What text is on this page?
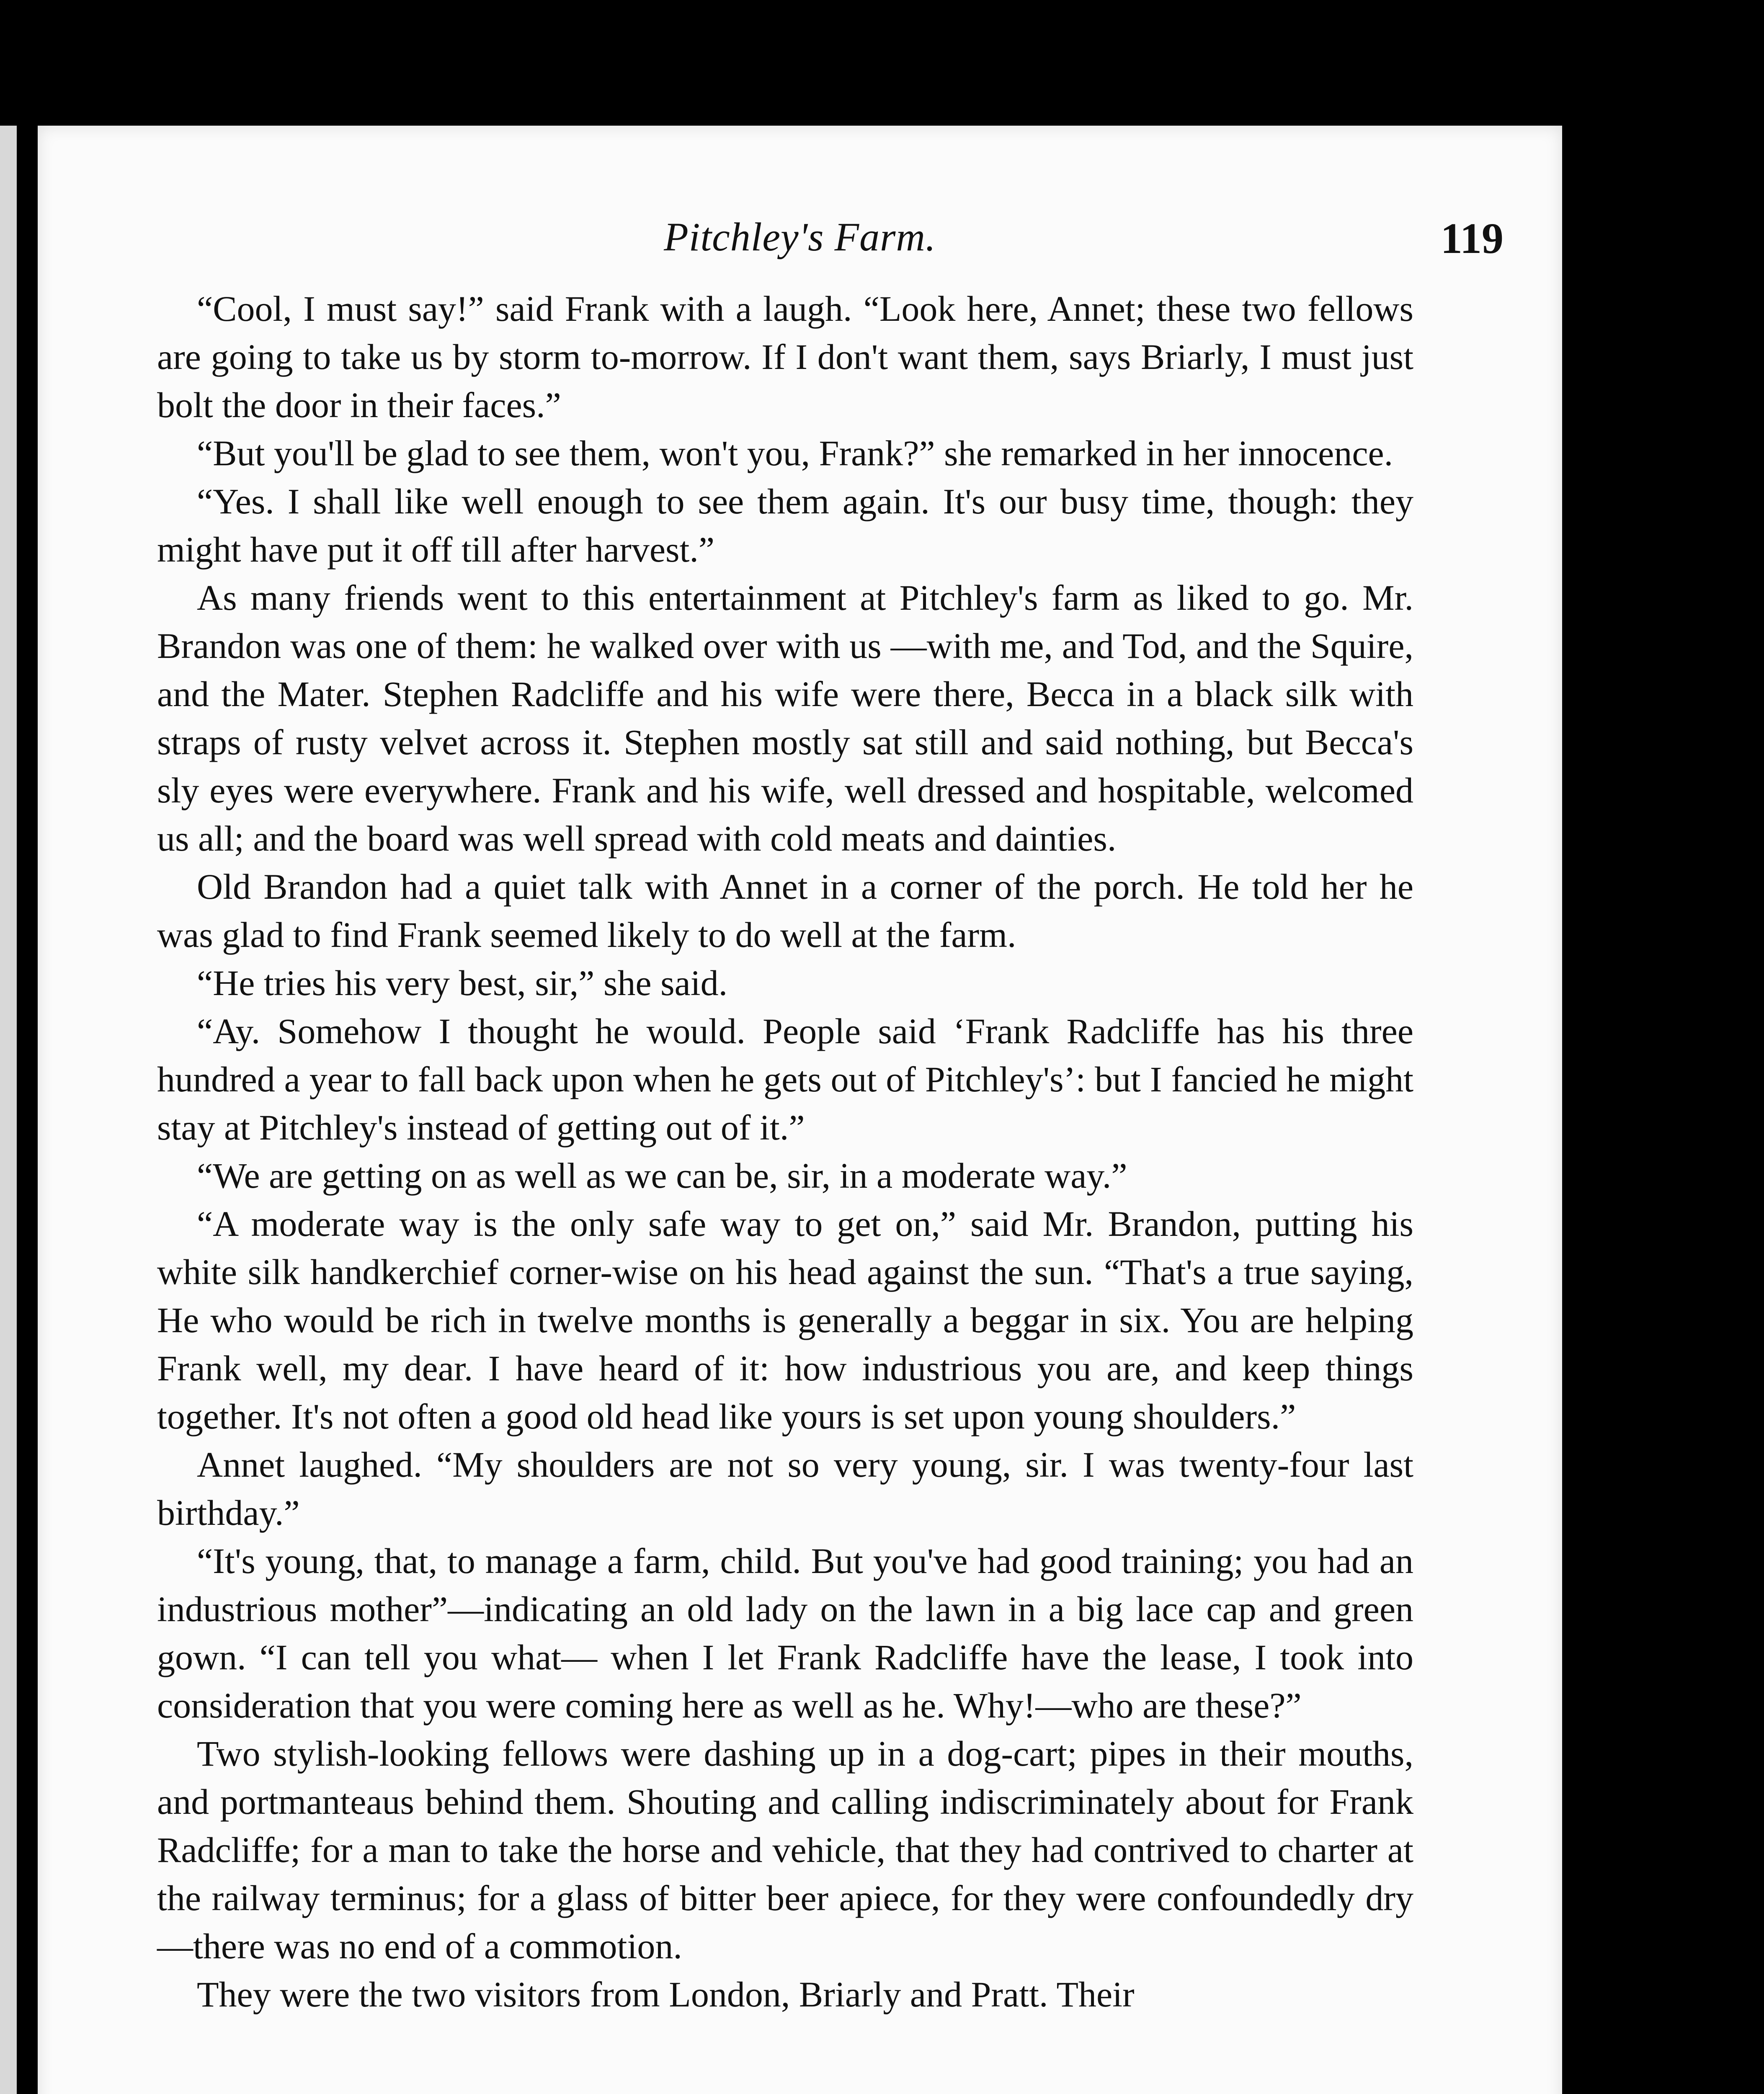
Pitchley's Farm.	119

“Cool, I must say!” said Frank with a laugh. “Look here, Annet; these two fellows are going to take us by storm to-morrow. If I don't want them, says Briarly, I must just bolt the door in their faces.”

“But you'll be glad to see them, won't you, Frank?” she remarked in her innocence.

“Yes. I shall like well enough to see them again. It's our busy time, though: they might have put it off till after harvest.”

As many friends went to this entertainment at Pitchley's farm as liked to go. Mr. Brandon was one of them: he walked over with us —with me, and Tod, and the Squire, and the Mater. Stephen Radcliffe and his wife were there, Becca in a black silk with straps of rusty velvet across it. Stephen mostly sat still and said nothing, but Becca's sly eyes were everywhere. Frank and his wife, well dressed and hospitable, welcomed us all; and the board was well spread with cold meats and dainties.

Old Brandon had a quiet talk with Annet in a corner of the porch. He told her he was glad to find Frank seemed likely to do well at the farm.

“He tries his very best, sir,” she said.

“Ay. Somehow I thought he would. People said ‘Frank Radcliffe has his three hundred a year to fall back upon when he gets out of Pitchley's’: but I fancied he might stay at Pitchley's instead of getting out of it.”

“We are getting on as well as we can be, sir, in a moderate way.”

“A moderate way is the only safe way to get on,” said Mr. Brandon, putting his white silk handkerchief corner-wise on his head against the sun. “That's a true saying, He who would be rich in twelve months is generally a beggar in six. You are helping Frank well, my dear. I have heard of it: how industrious you are, and keep things together. It's not often a good old head like yours is set upon young shoulders.”

Annet laughed. “My shoulders are not so very young, sir. I was twenty-four last birthday.”

“It's young, that, to manage a farm, child. But you've had good training; you had an industrious mother”—indicating an old lady on the lawn in a big lace cap and green gown. “I can tell you what— when I let Frank Radcliffe have the lease, I took into consideration that you were coming here as well as he. Why!—who are these?”

Two stylish-looking fellows were dashing up in a dog-cart; pipes in their mouths, and portmanteaus behind them. Shouting and calling indiscriminately about for Frank Radcliffe; for a man to take the horse and vehicle, that they had contrived to charter at the railway terminus; for a glass of bitter beer apiece, for they were confoundedly dry—there was no end of a commotion.

They were the two visitors from London, Briarly and Pratt. Their
